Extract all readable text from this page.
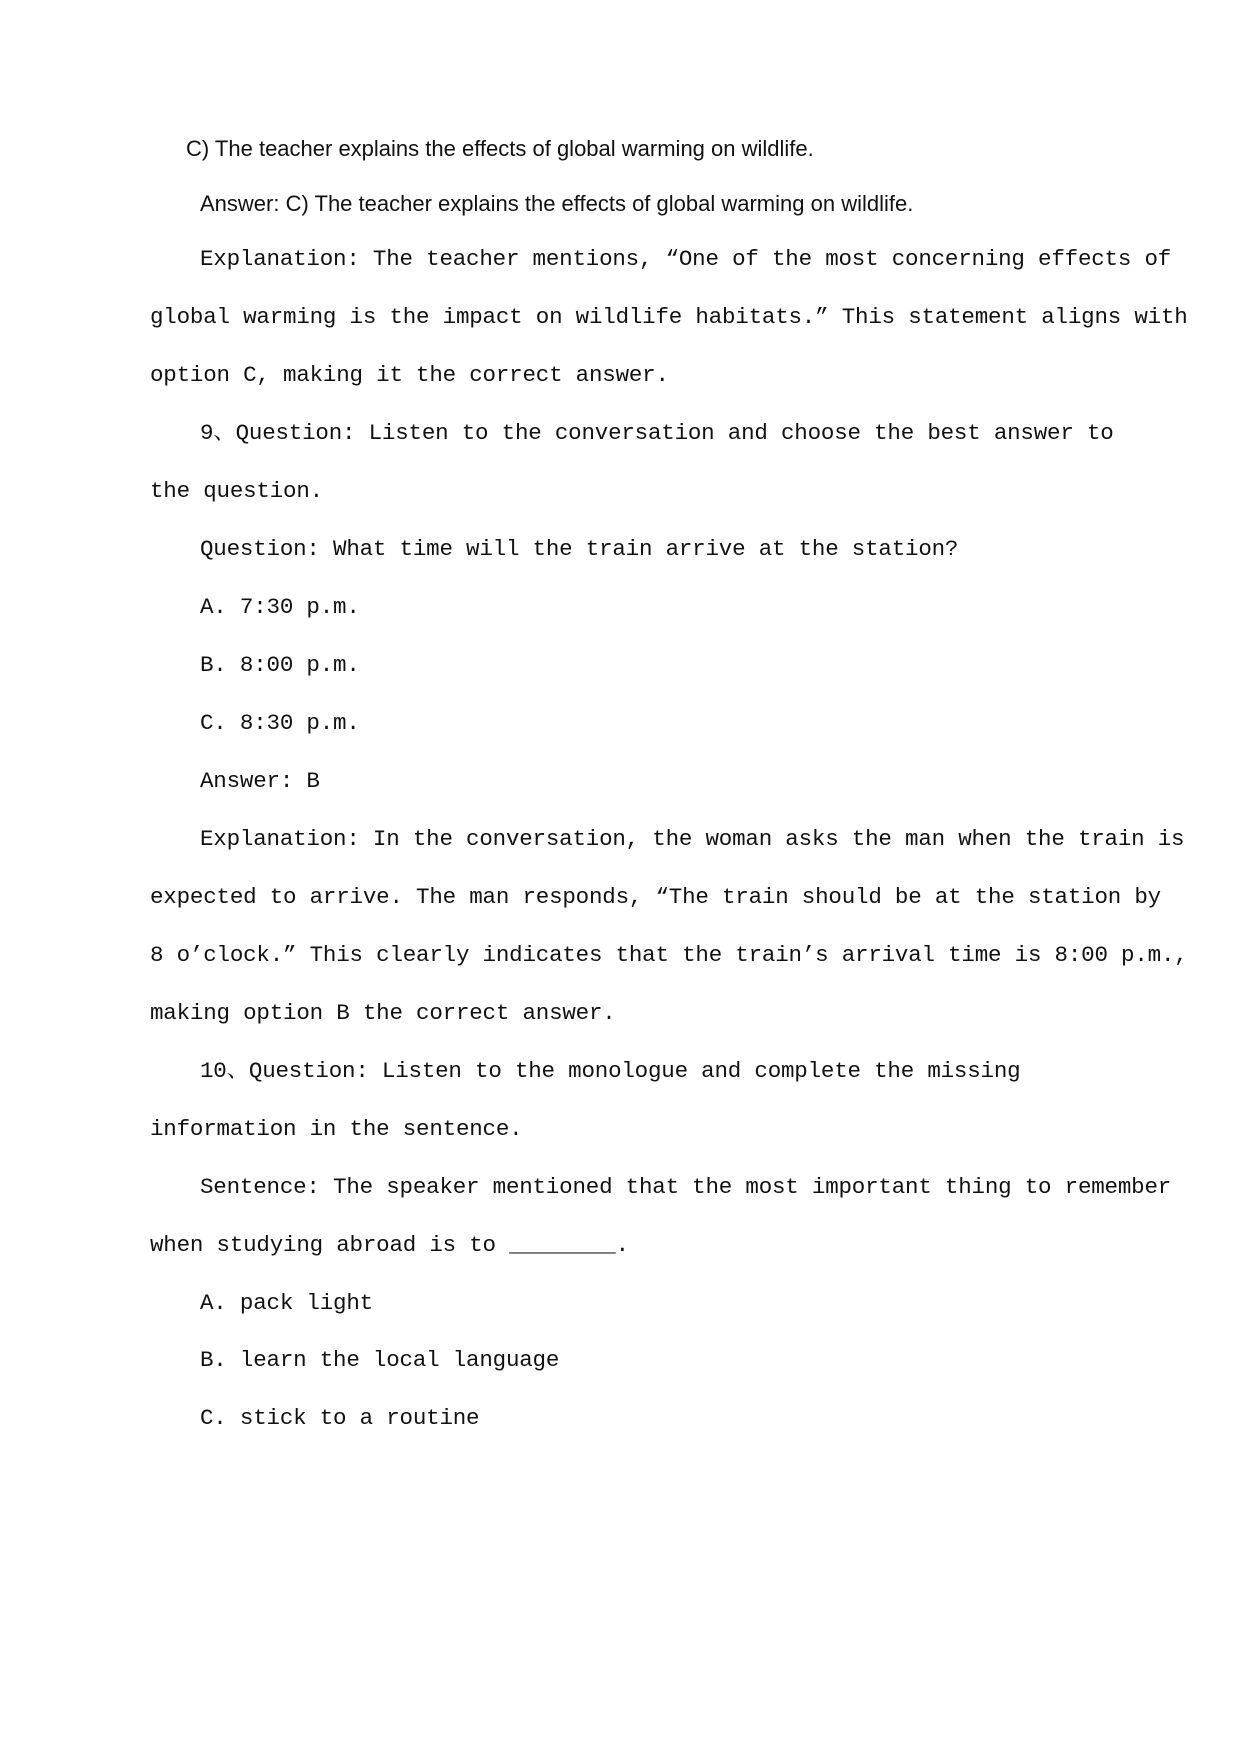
C) The teacher explains the effects of global warming on wildlife.
Answer: C) The teacher explains the effects of global warming on wildlife.
Explanation: The teacher mentions, “One of the most concerning effects of
global warming is the impact on wildlife habitats.” This statement aligns with
option C, making it the correct answer.
9、Question: Listen to the conversation and choose the best answer to
the question.
Question: What time will the train arrive at the station?
A. 7:30 p.m.
B. 8:00 p.m.
C. 8:30 p.m.
Answer: B
Explanation: In the conversation, the woman asks the man when the train is
expected to arrive. The man responds, “The train should be at the station by
8 o’clock.” This clearly indicates that the train’s arrival time is 8:00 p.m.,
making option B the correct answer.
10、Question: Listen to the monologue and complete the missing
information in the sentence.
Sentence: The speaker mentioned that the most important thing to remember
when studying abroad is to ________.
A. pack light
B. learn the local language
C. stick to a routine
